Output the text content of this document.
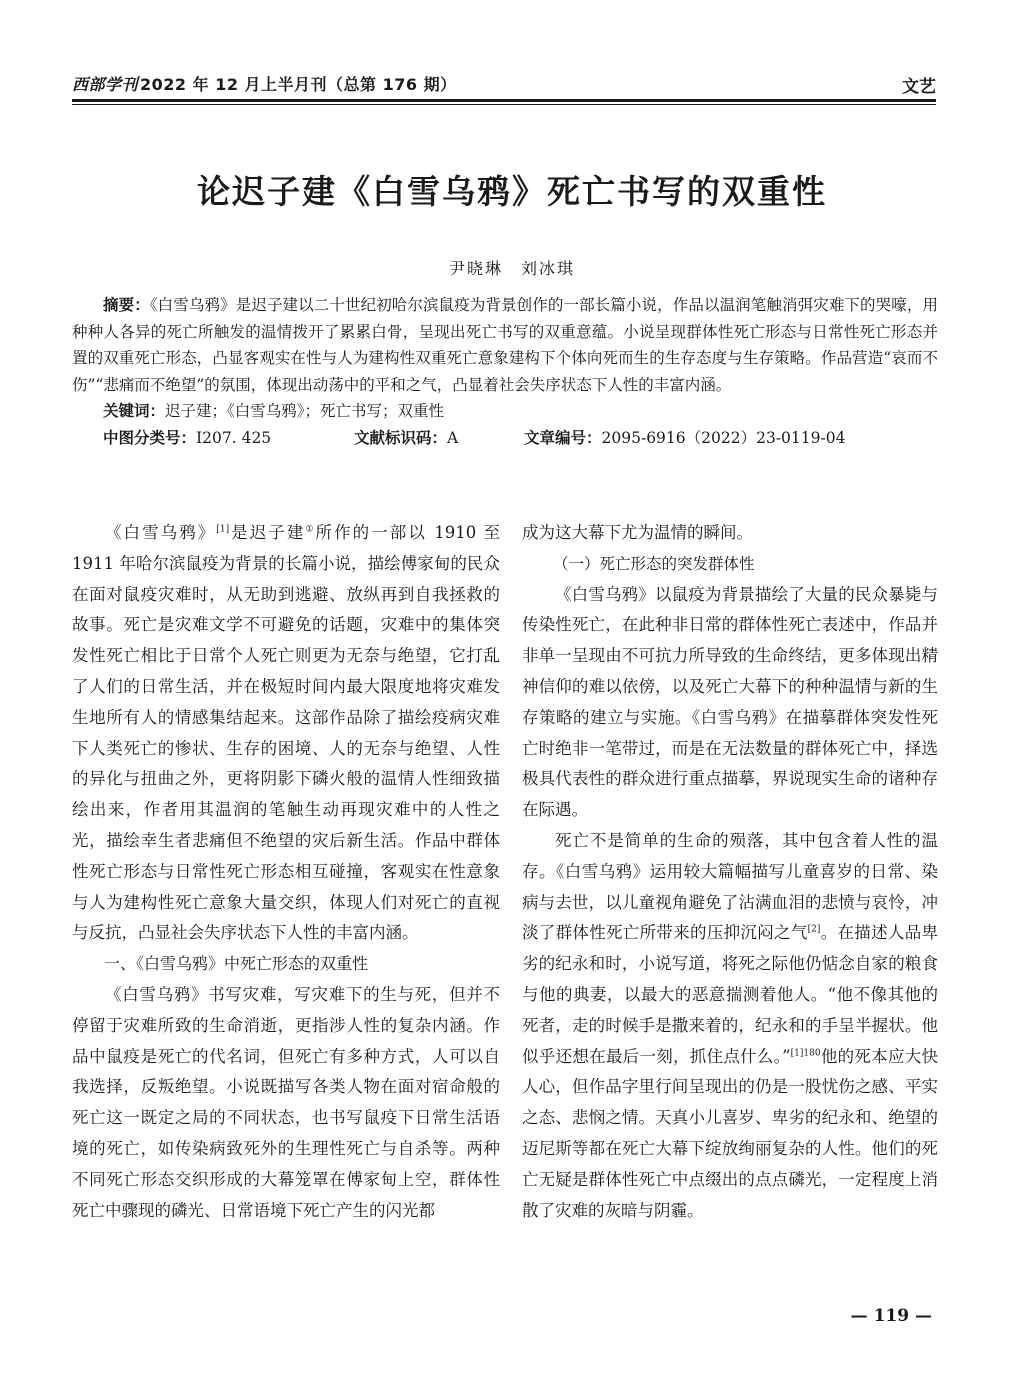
西部学刊 2022 年 12 月上半月刊（总第 176 期）	文艺
论迟子建《白雪乌鸦》死亡书写的双重性
尹晓琳　刘冰琪

摘要：《白雪乌鸦》是迟子建以二十世纪初哈尔滨鼠疫为背景创作的一部长篇小说，作品以温润笔触消弭灾难下的哭嚎，用种种人各异的死亡所触发的温情拨开了累累白骨，呈现出死亡书写的双重意蕴。小说呈现群体性死亡形态与日常性死亡形态并置的双重死亡形态，凸显客观实在性与人为建构性双重死亡意象建构下个体向死而生的生存态度与生存策略。作品营造“哀而不伤”“悲痛而不绝望”的氛围，体现出动荡中的平和之气，凸显着社会失序状态下人性的丰富内涵。

关键词：迟子建；《白雪乌鸦》；死亡书写；双重性

中图分类号：I207. 425	文献标识码：A	文章编号：2095-6916（2022）23-0119-04

《白雪乌鸦》[1]是迟子建①所作的一部以 1910 至 1911 年哈尔滨鼠疫为背景的长篇小说，描绘傅家甸的民众在面对鼠疫灾难时，从无助到逃避、放纵再到自我拯救的故事。死亡是灾难文学不可避免的话题，灾难中的集体突发性死亡相比于日常个人死亡则更为无奈与绝望，它打乱了人们的日常生活，并在极短时间内最大限度地将灾难发生地所有人的情感集结起来。这部作品除了描绘疫病灾难下人类死亡的惨状、生存的困境、人的无奈与绝望、人性的异化与扭曲之外，更将阴影下磷火般的温情人性细致描绘出来，作者用其温润的笔触生动再现灾难中的人性之光，描绘幸生者悲痛但不绝望的灾后新生活。作品中群体性死亡形态与日常性死亡形态相互碰撞，客观实在性意象与人为建构性死亡意象大量交织，体现人们对死亡的直视与反抗，凸显社会失序状态下人性的丰富内涵。

一、《白雪乌鸦》中死亡形态的双重性

《白雪乌鸦》书写灾难，写灾难下的生与死，但并不停留于灾难所致的生命消逝，更指涉人性的复杂内涵。作品中鼠疫是死亡的代名词，但死亡有多种方式，人可以自我选择，反叛绝望。小说既描写各类人物在面对宿命般的死亡这一既定之局的不同状态，也书写鼠疫下日常生活语境的死亡，如传染病致死外的生理性死亡与自杀等。两种不同死亡形态交织形成的大幕笼罩在傅家甸上空，群体性死亡中骤现的磷光、日常语境下死亡产生的闪光都

成为这大幕下尤为温情的瞬间。

（一）死亡形态的突发群体性

《白雪乌鸦》以鼠疫为背景描绘了大量的民众暴毙与传染性死亡，在此种非日常的群体性死亡表述中，作品并非单一呈现由不可抗力所导致的生命终结，更多体现出精神信仰的难以依傍，以及死亡大幕下的种种温情与新的生存策略的建立与实施。《白雪乌鸦》在描摹群体突发性死亡时绝非一笔带过，而是在无法数量的群体死亡中，择选极具代表性的群众进行重点描摹，界说现实生命的诸种存在际遇。

死亡不是简单的生命的殒落，其中包含着人性的温存。《白雪乌鸦》运用较大篇幅描写儿童喜岁的日常、染病与去世，以儿童视角避免了沾满血泪的悲愤与哀怜，冲淡了群体性死亡所带来的压抑沉闷之气[2]。在描述人品卑劣的纪永和时，小说写道，将死之际他仍惦念自家的粮食与他的典妻，以最大的恶意揣测着他人。“他不像其他的死者，走的时候手是撒来着的，纪永和的手呈半握状。他似乎还想在最后一刻，抓住点什么。”$^{[1]180}$他的死本应大快人心，但作品字里行间呈现出的仍是一股忧伤之感、平实之态、悲悯之情。天真小儿喜岁、卑劣的纪永和、绝望的迈尼斯等都在死亡大幕下绽放绚丽复杂的人性。他们的死亡无疑是群体性死亡中点缀出的点点磷光，一定程度上消散了灾难的灰暗与阴霾。

— 119 —
